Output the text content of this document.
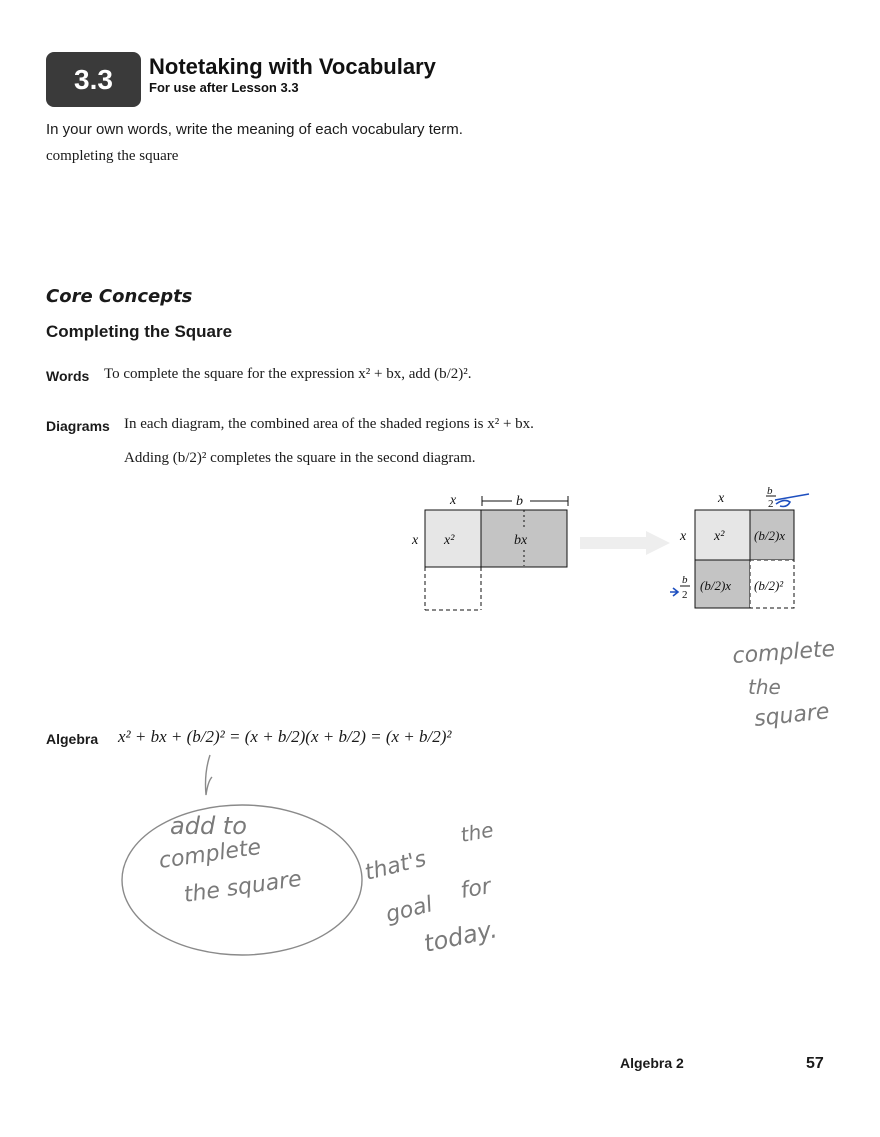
3.3	Notetaking with Vocabulary
For use after Lesson 3.3
In your own words, write the meaning of each vocabulary term.
completing the square
Core Concepts
Completing the Square
Words To complete the square for the expression x² + bx, add (b/2)².
Diagrams In each diagram, the combined area of the shaded regions is x² + bx.
Adding (b/2)² completes the square in the second diagram.
x	b
x x²	bx
x	b
2
x x² (b/2)x
b
2
(b/2)x (b/2)²
Algebra x² + bx + (b/2)² = (x + b/2)(x + b/2) = (x + b/2)²
complete
the
square
add to
complete
the square
that's
the
goal
for
today.
Algebra 2	57
